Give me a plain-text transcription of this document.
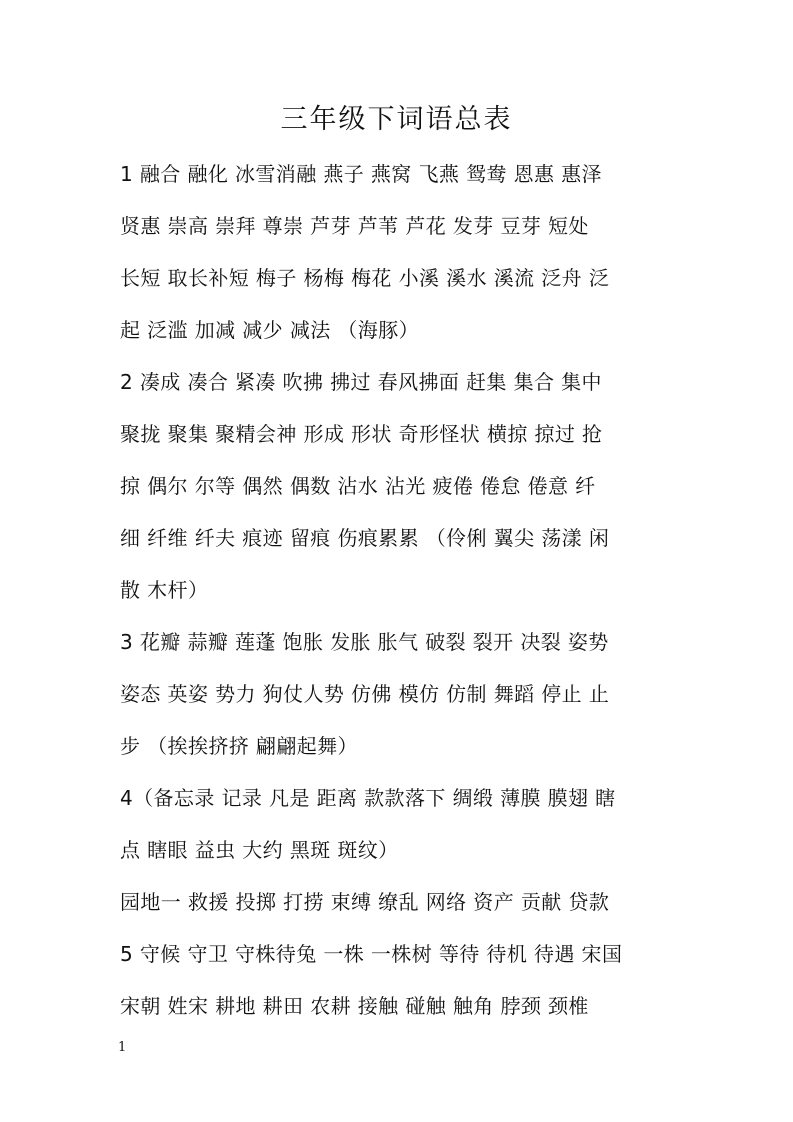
三年级下词语总表
1 融合 融化 冰雪消融 燕子 燕窝 飞燕 鸳鸯 恩惠 惠泽
贤惠 崇高 崇拜 尊崇 芦芽 芦苇 芦花 发芽 豆芽 短处
长短 取长补短 梅子 杨梅 梅花 小溪 溪水 溪流 泛舟 泛
起 泛滥 加减 减少 减法 （海豚）
2 凑成 凑合 紧凑 吹拂 拂过 春风拂面 赶集 集合 集中
聚拢 聚集 聚精会神 形成 形状 奇形怪状 横掠 掠过 抢
掠 偶尔 尔等 偶然 偶数 沾水 沾光 疲倦 倦怠 倦意 纤
细 纤维 纤夫 痕迹 留痕 伤痕累累 （伶俐 翼尖 荡漾 闲
散 木杆）
3 花瓣 蒜瓣 莲蓬 饱胀 发胀 胀气 破裂 裂开 决裂 姿势
姿态 英姿 势力 狗仗人势 仿佛 模仿 仿制 舞蹈 停止 止
步 （挨挨挤挤 翩翩起舞）
4（备忘录 记录 凡是 距离 款款落下 绸缎 薄膜 膜翅 瞎
点 瞎眼 益虫 大约 黑斑 斑纹）
园地一 救援 投掷 打捞 束缚 缭乱 网络 资产 贡献 贷款
5 守候 守卫 守株待兔 一株 一株树 等待 待机 待遇 宋国
宋朝 姓宋 耕地 耕田 农耕 接触 碰触 触角 脖颈 颈椎
1
